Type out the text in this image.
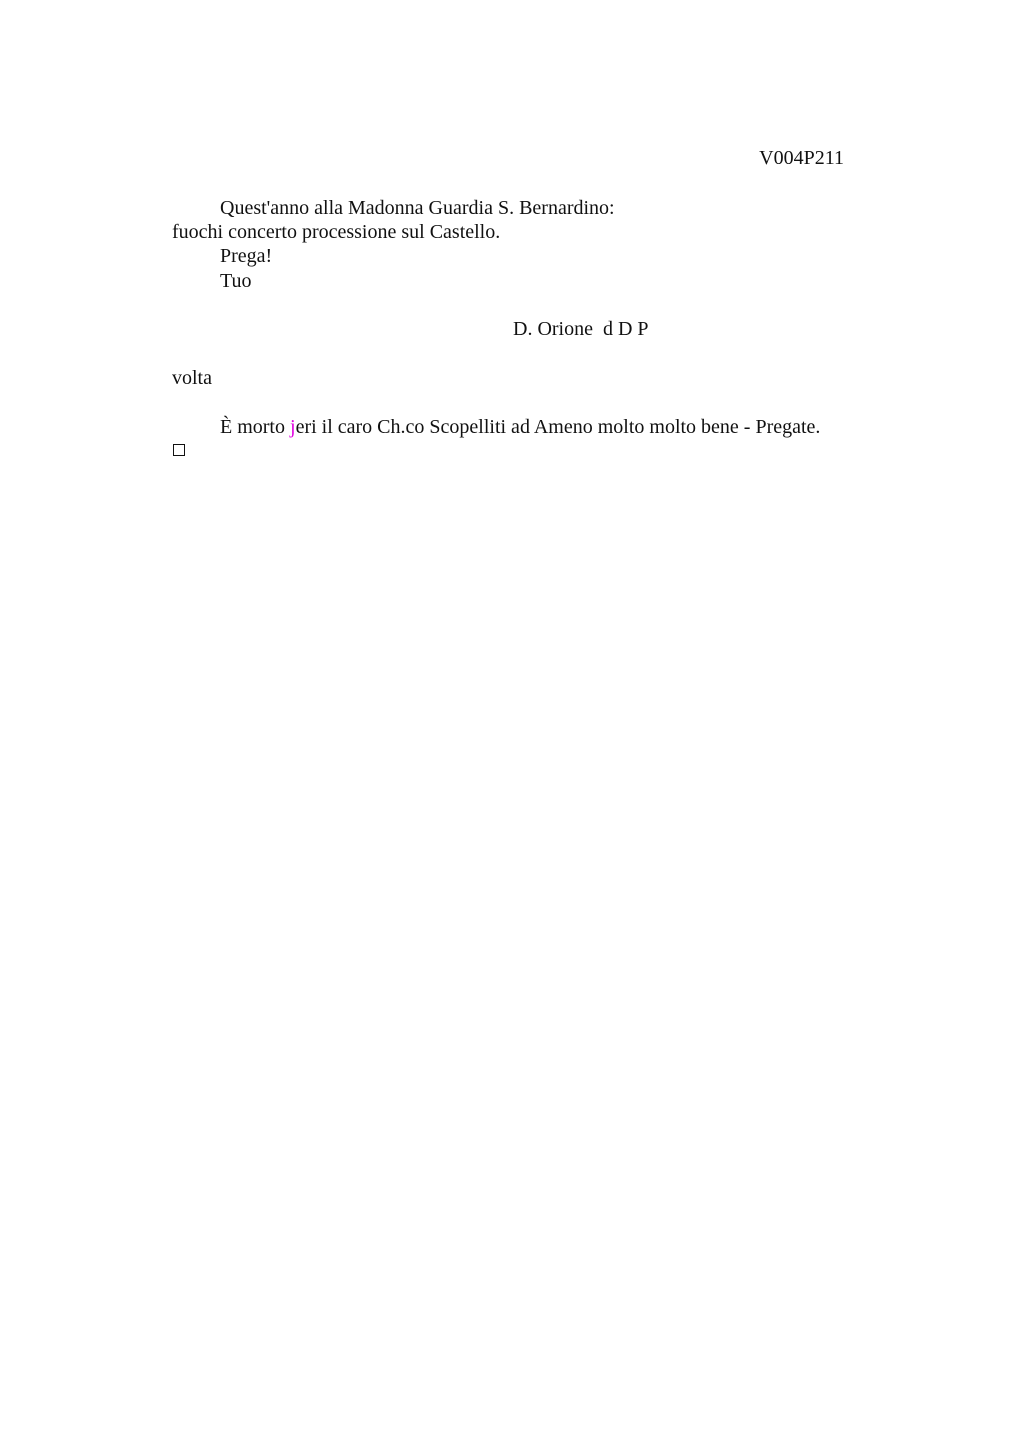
V004P211
Quest'anno alla Madonna Guardia S. Bernardino:
fuochi concerto processione sul Castello.
Prega!
Tuo
D. Orione  d D P
volta
È morto jeri il caro Ch.co Scopelliti ad Ameno molto molto bene - Pregate.
